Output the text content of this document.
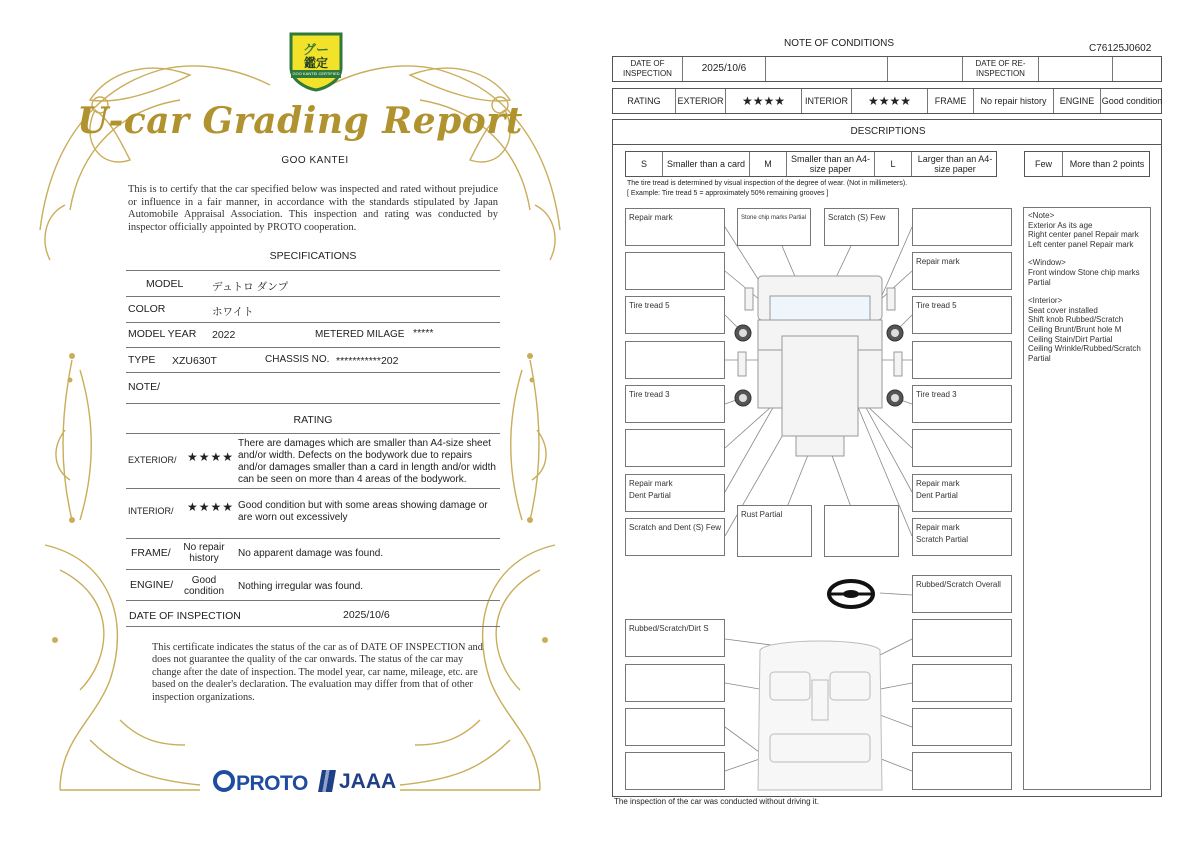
グー
鑑定
GOO KANTEI CERTIFIED
U-car Grading Report
GOO KANTEI
This is to certify that the car specified below was inspected and rated without prejudice or influence in a fair manner, in accordance with the standards stipulated by Japan Automobile Appraisal Association. This inspection and rating was conducted by inspector officially appointed by PROTO cooperation.
SPECIFICATIONS
MODEL	デュトロ ダンプ
COLOR	ホワイト
MODEL YEAR 2022	METERED MILAGE *****
TYPE XZU630T	CHASSIS NO. ***********202
NOTE/
RATING
EXTERIOR/ ★★★★
There are damages which are smaller than A4-size sheet and/or width. Defects on the bodywork due to repairs and/or damages smaller than a card in length and/or width can be seen on more than 4 areas of the bodywork.
INTERIOR/ ★★★★ Good condition but with some areas showing damage or are worn out excessively
FRAME/	No repair history	No apparent damage was found.
ENGINE/	Good condition	Nothing irregular was found.
DATE OF INSPECTION	2025/10/6
This certificate indicates the status of the car as of DATE OF INSPECTION and does not guarantee the quality of the car onwards. The status of the car may change after the date of inspection. The model year, car name, mileage, etc. are based on the dealer's declaration. The evaluation may differ from that of other inspection organizations.
PROTO	JAAA
NOTE OF CONDITIONS	C76125J0602
DATE OF INSPECTION	2025/10/6	DATE OF RE-INSPECTION
RATING	EXTERIOR	★★★★	INTERIOR	★★★★	FRAME	No repair history	ENGINE Good condition
DESCRIPTIONS
S	Smaller than a card	M	Smaller than an A4-size paper	L	Larger than an A4-size paper	Few	More than 2 points
The tire tread is determined by visual inspection of the degree of wear. (Not in millimeters).
[ Example: Tire tread 5 = approximately 50% remaining grooves ]
Repair mark
Tire tread 5
Tire tread 3
Repair mark
Dent Partial
Scratch and Dent (S) Few
Stone chip marks Partial	Scratch (S) Few
Rust Partial
Repair mark
Tire tread 5
Tire tread 3
Repair mark
Dent Partial
Repair mark
Scratch Partial
Rubbed/Scratch Overall
Rubbed/Scratch/Dirt S

<Note>
Exterior As its age
Right center panel Repair mark
Left center panel Repair mark

<Window>
Front window Stone chip marks Partial

<Interior>
Seat cover installed
Shift knob Rubbed/Scratch
Ceiling Brunt/Brunt hole M
Ceiling Stain/Dirt Partial
Ceiling Wrinkle/Rubbed/Scratch Partial

The inspection of the car was conducted without driving it.
